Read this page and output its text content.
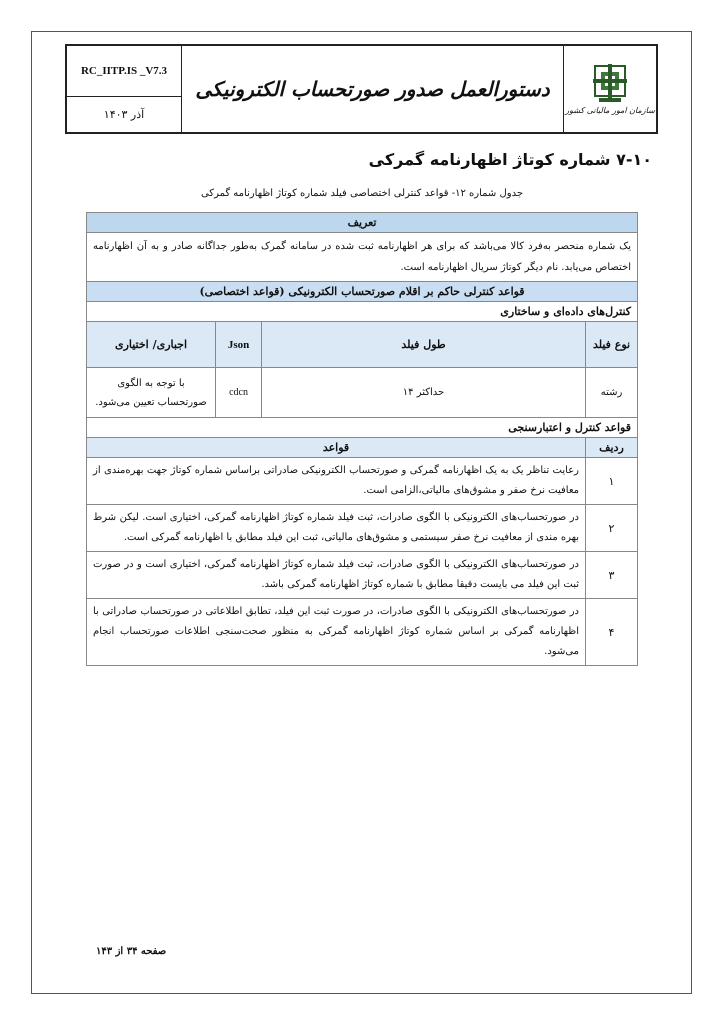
RC_IITP.IS _V7.3
آذر ۱۴۰۳
دستورالعمل صدور صورتحساب الکترونیکی
سازمان امور مالیاتی کشور
۷-۱۰ شماره کوتاژ اظهارنامه گمرکی
جدول شماره ۱۲- قواعد کنترلی اختصاصی فیلد شماره کوتاژ اظهارنامه گمرکی
تعریف			
یک شماره منحصر به‌فرد کالا می‌باشد که برای هر اظهارنامه ثبت شده در سامانه گمرک به‌طور جداگانه صادر و به آن اظهارنامه اختصاص می‌یابد. نام دیگر کوتاژ سریال اظهارنامه است.			
قواعد کنترلی حاکم بر اقلام صورتحساب الکترونیکی (قواعد اختصاصی)			
کنترل‌های داده‌ای و ساختاری			
نوع فیلد	طول فیلد	Json	اجباری/ اختیاری
رشته	حداکثر ۱۴	cdcn	با توجه به الگوی صورتحساب تعیین می‌شود.
قواعد کنترل و اعتبارسنجی			
ردیف	قواعد		
۱	رعایت تناظر یک به یک اظهارنامه گمرکی و صورتحساب الکترونیکی صادراتی براساس شماره کوتاژ جهت بهره‌مندی از معافیت نرخ صفر و مشوق‌های مالیاتی،الزامی است.		
۲	در صورتحساب‌های الکترونیکی با الگوی صادرات، ثبت فیلد شماره کوتاژ اظهارنامه گمرکی، اختیاری است. لیکن شرط بهره مندی از معافیت نرخ صفر سیستمی و مشوق‌های مالیاتی، ثبت این فیلد مطابق با اظهارنامه گمرکی است.		
۳	در صورتحساب‌های الکترونیکی با الگوی صادرات، ثبت فیلد شماره کوتاژ اظهارنامه گمرکی، اختیاری است و در صورت ثبت این فیلد می بایست دقیقا مطابق با شماره کوتاژ اظهارنامه گمرکی باشد.		
۴	در صورتحساب‌های الکترونیکی با الگوی صادرات، در صورت ثبت این فیلد، تطابق اطلاعاتی در صورتحساب صادراتی با اظهارنامه گمرکی بر اساس شماره کوتاژ اظهارنامه گمرکی به منظور صحت‌سنجی اطلاعات صورتحساب انجام می‌شود.		
صفحه ۳۴ از ۱۴۳
